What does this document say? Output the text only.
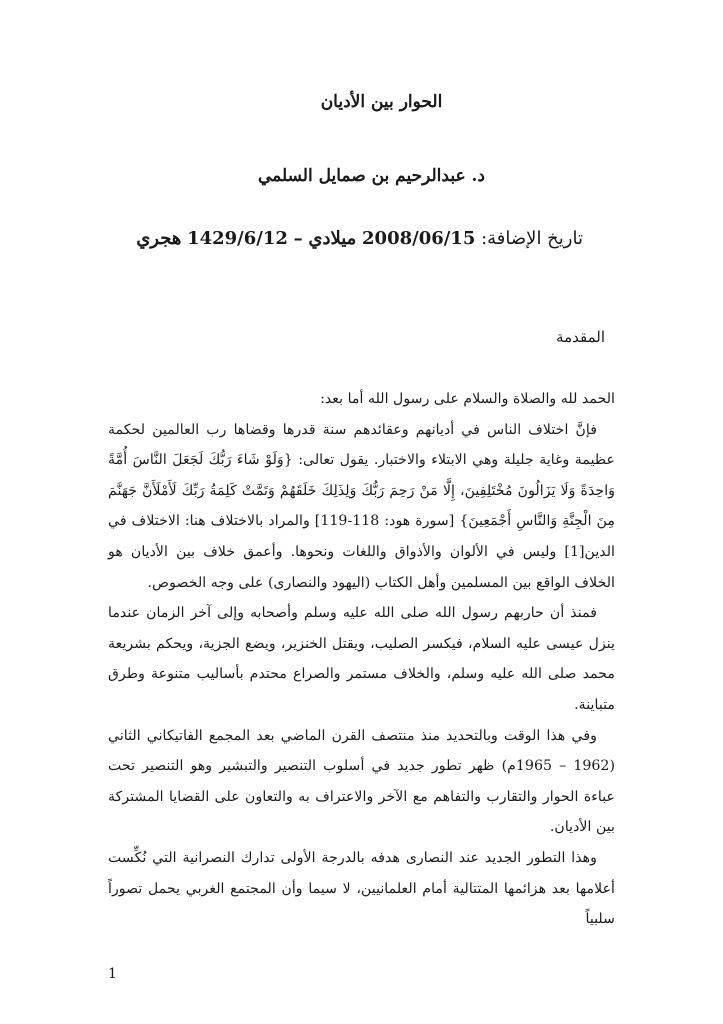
الحوار بين الأديان
د. عبدالرحيم بن صمايل السلمي
تاريخ الإضافة: 2008/06/15 ميلادي – 1429/6/12 هجري
المقدمة

الحمد لله والصلاة والسلام على رسول الله أما بعد:

فإنَّ اختلاف الناس في أديانهم وعقائدهم سنة قدرها وقضاها رب العالمين لحكمة عظيمة وغاية جليلة وهي الابتلاء والاختبار. يقول تعالى: {وَلَوْ شَاءَ رَبُّكَ لَجَعَلَ النَّاسَ أُمَّةً وَاحِدَةً وَلَا يَزَالُونَ مُخْتَلِفِينَ، إِلَّا مَنْ رَحِمَ رَبُّكَ وَلِذَلِكَ خَلَقَهُمْ وَتَمَّتْ كَلِمَةُ رَبِّكَ لَأَمْلَأَنَّ جَهَنَّمَ مِنَ الْجِنَّةِ وَالنَّاسِ أَجْمَعِينَ} [سورة هود: 118-119] والمراد بالاختلاف هنا: الاختلاف في الدين[1] وليس في الألوان والأذواق واللغات ونحوها. وأعمق خلاف بين الأديان هو الخلاف الواقع بين المسلمين وأهل الكتاب (اليهود والنصارى) على وجه الخصوص.

فمنذ أن حاربهم رسول الله صلى الله عليه وسلم وأصحابه وإلى آخر الزمان عندما ينزل عيسى عليه السلام، فيكسر الصليب، ويقتل الخنزير، ويضع الجزية، ويحكم بشريعة محمد صلى الله عليه وسلم، والخلاف مستمر والصراع محتدم بأساليب متنوعة وطرق متباينة.

وفي هذا الوقت وبالتحديد منذ منتصف القرن الماضي بعد المجمع الفاتيكاني الثاني (1962 – 1965م) ظهر تطور جديد في أسلوب التنصير والتبشير وهو التنصير تحت عباءة الحوار والتقارب والتفاهم مع الآخر والاعتراف به والتعاون على القضايا المشتركة بين الأديان.

وهذا التطور الجديد عند النصارى هدفه بالدرجة الأولى تدارك النصرانية التي نُكِّست أعلامها بعد هزائمها المتتالية أمام العلمانيين، لا سيما وأن المجتمع الغربي يحمل تصوراً سلبياً

1
